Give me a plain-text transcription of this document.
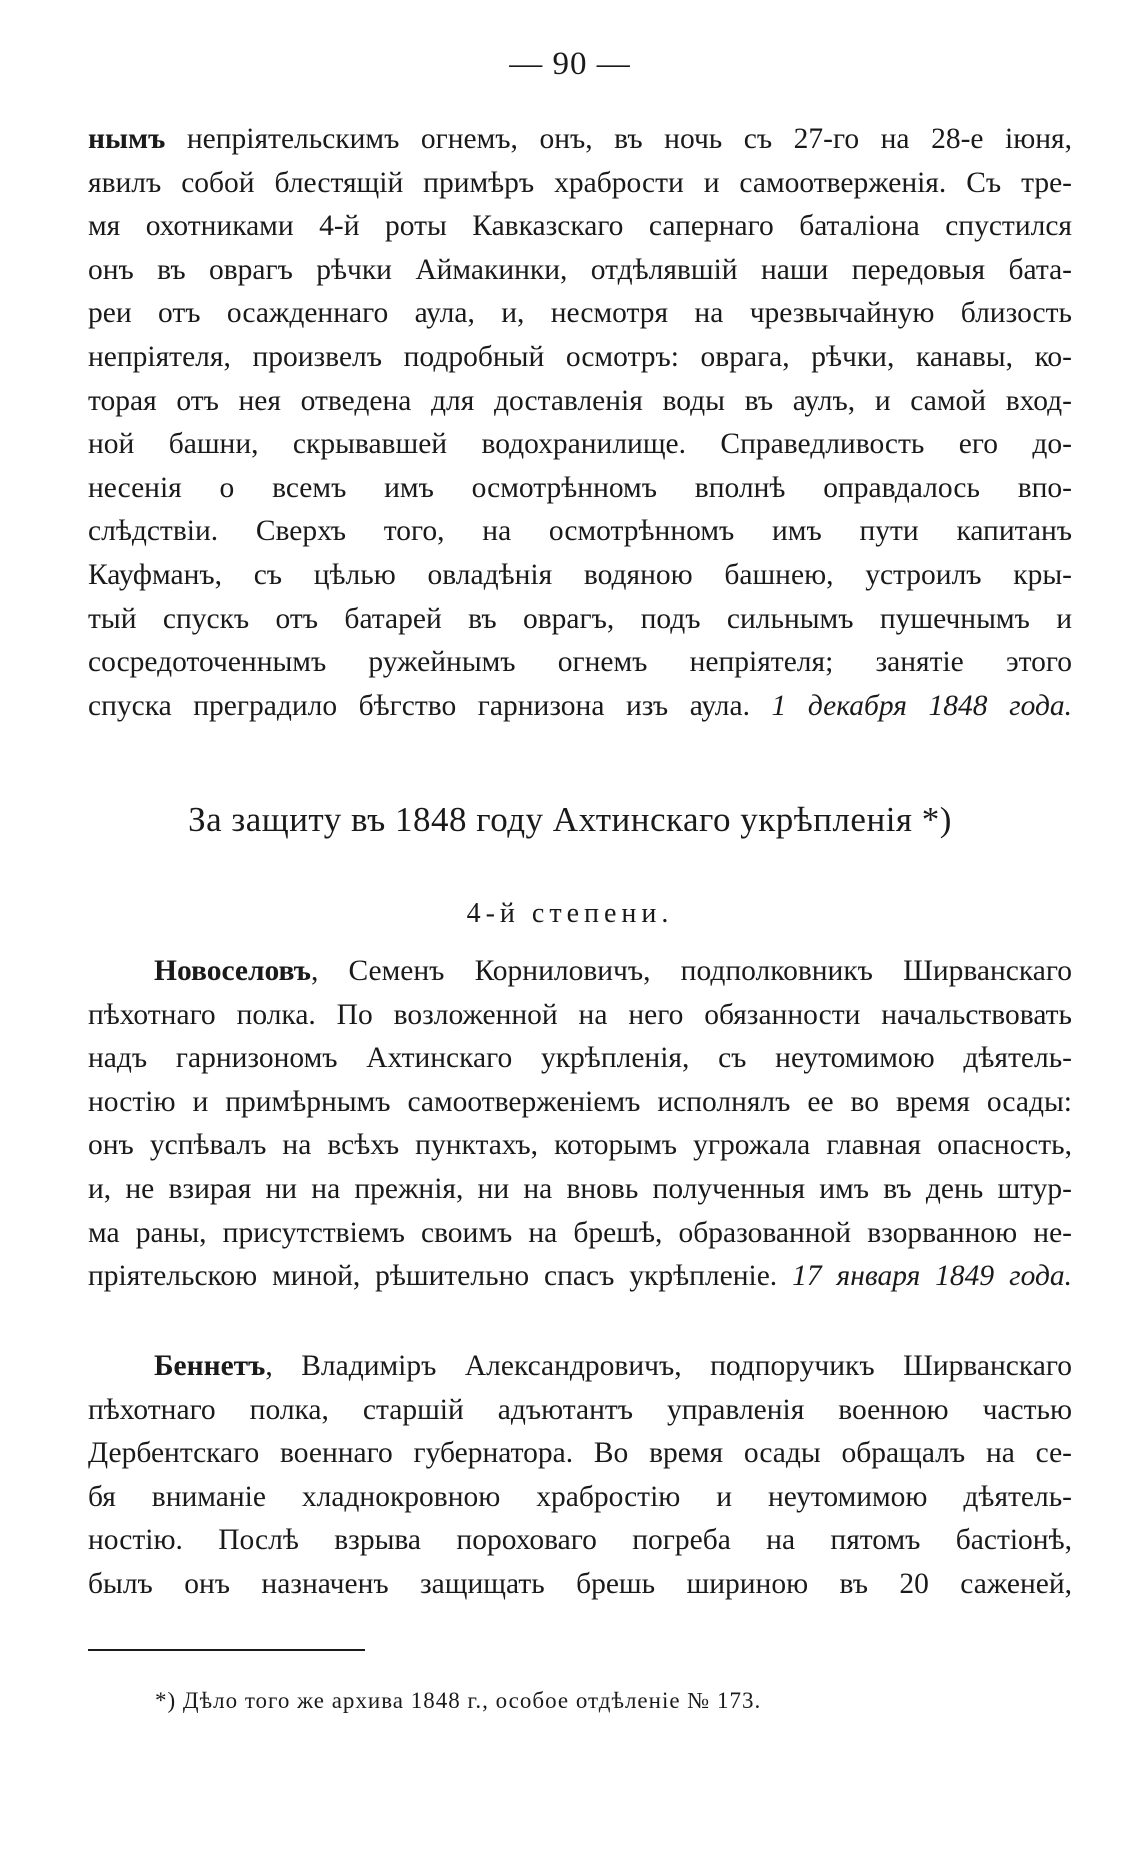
— 90 —
нымъ непріятельскимъ огнемъ, онъ, въ ночь съ 27-го на 28-е іюня,
явилъ собой блестящій примѣръ храбрости и самоотверженія. Съ тре-
мя охотниками 4-й роты Кавказскаго сапернаго баталіона спустился
онъ въ оврагъ рѣчки Аймакинки, отдѣлявшій наши передовыя бата-
реи отъ осажденнаго аула, и, несмотря на чрезвычайную близость
непріятеля, произвелъ подробный осмотръ: оврага, рѣчки, канавы, ко-
торая отъ нея отведена для доставленія воды въ аулъ, и самой вход-
ной башни, скрывавшей водохранилище. Справедливость его до-
несенія о всемъ имъ осмотрѣнномъ вполнѣ оправдалось впо-
слѣдствіи. Сверхъ того, на осмотрѣнномъ имъ пути капитанъ
Кауфманъ, съ цѣлью овладѣнія водяною башнею, устроилъ кры-
тый спускъ отъ батарей въ оврагъ, подъ сильнымъ пушечнымъ и
сосредоточеннымъ ружейнымъ огнемъ непріятеля; занятіе этого
спуска преградило бѣгство гарнизона изъ аула. 1 декабря 1848 года.
За защиту въ 1848 году Ахтинскаго укрѣпленія *)
4-й степени.
Новоселовъ, Семенъ Корниловичъ, подполковникъ Ширванскаго
пѣхотнаго полка. По возложенной на него обязанности начальствовать
надъ гарнизономъ Ахтинскаго укрѣпленія, съ неутомимою дѣятель-
ностію и примѣрнымъ самоотверженіемъ исполнялъ ее во время осады:
онъ успѣвалъ на всѣхъ пунктахъ, которымъ угрожала главная опасность,
и, не взирая ни на прежнія, ни на вновь полученныя имъ въ день штур-
ма раны, присутствіемъ своимъ на брешѣ, образованной взорванною не-
пріятельскою миной, рѣшительно спасъ укрѣпленіе. 17 января 1849 года.
Беннетъ, Владиміръ Александровичъ, подпоручикъ Ширванскаго
пѣхотнаго полка, старшій адъютантъ управленія военною частью
Дербентскаго военнаго губернатора. Во время осады обращалъ на се-
бя вниманіе хладнокровною храбростію и неутомимою дѣятель-
ностію. Послѣ взрыва пороховаго погреба на пятомъ бастіонѣ,
былъ онъ назначенъ защищать брешь шириною въ 20 саженей,
*) Дѣло того же архива 1848 г., особое отдѣленіе № 173.
